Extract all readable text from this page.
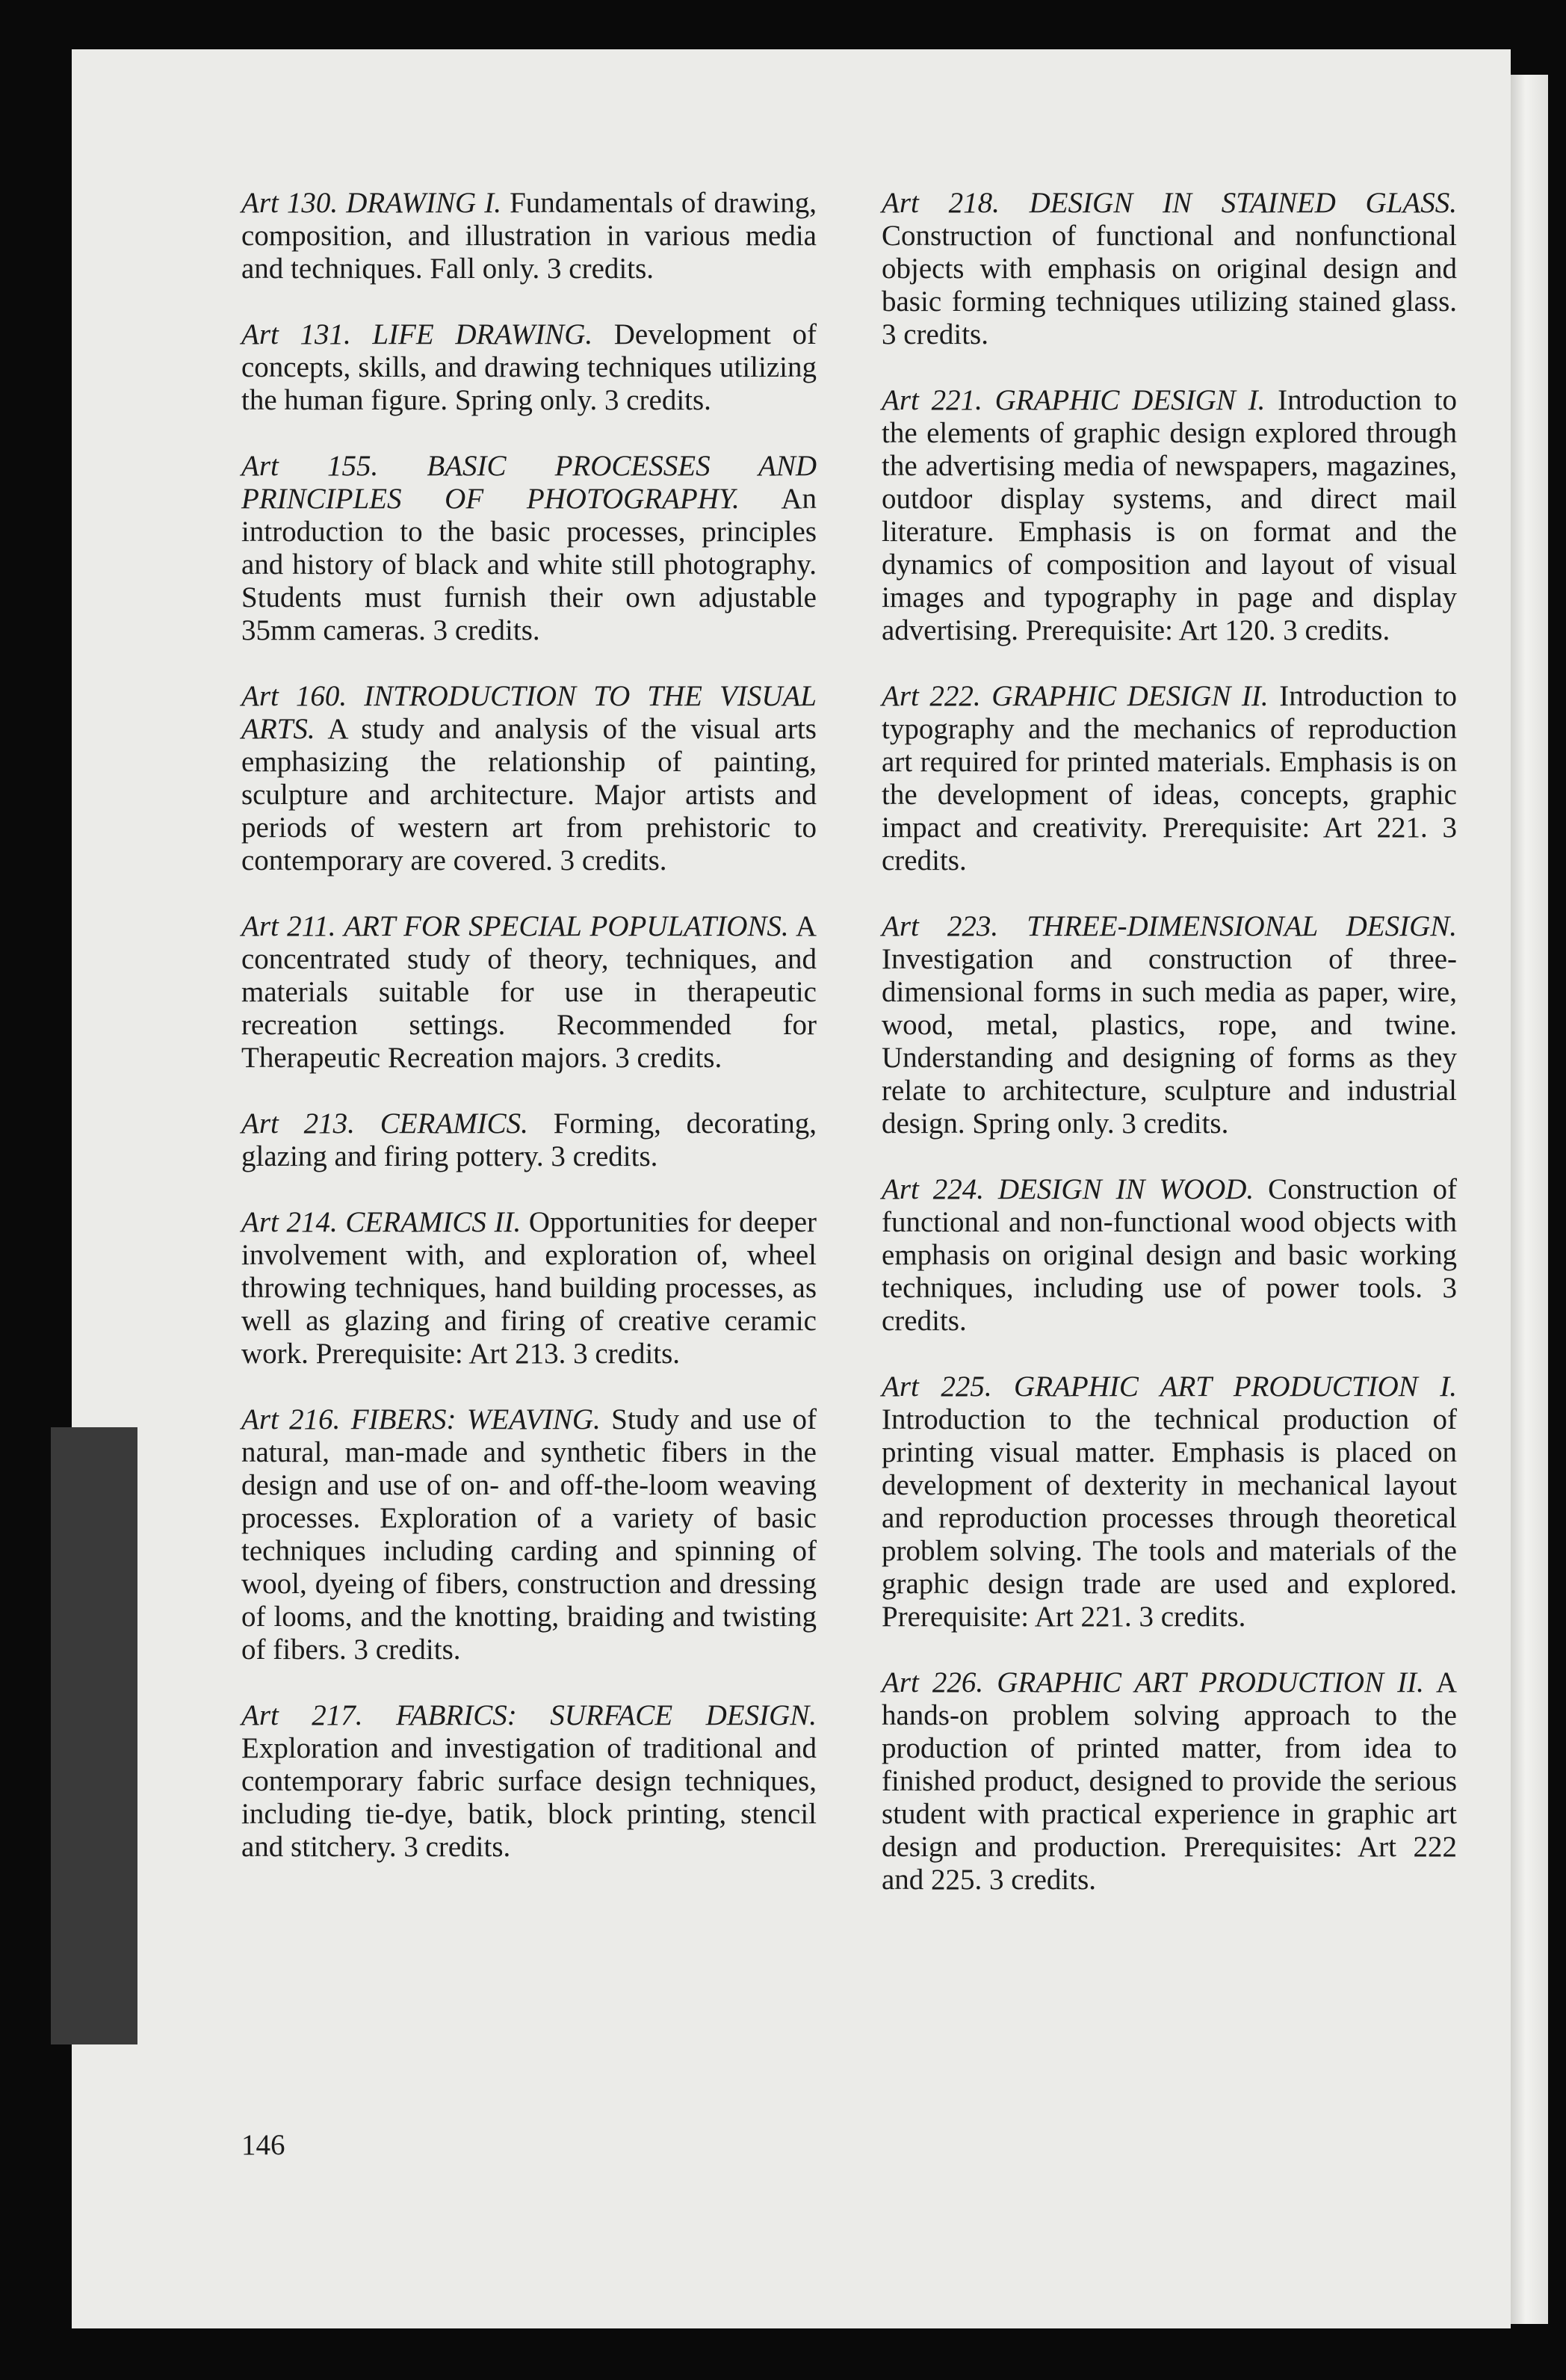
Art 130. DRAWING I. Fundamentals of drawing, composition, and illustration in various media and techniques. Fall only. 3 credits.

Art 131. LIFE DRAWING. Development of concepts, skills, and drawing techniques utilizing the human figure. Spring only. 3 credits.

Art 155. BASIC PROCESSES AND PRINCIPLES OF PHOTOGRAPHY. An introduction to the basic processes, principles and history of black and white still photography. Students must furnish their own adjustable 35mm cameras. 3 credits.

Art 160. INTRODUCTION TO THE VISUAL ARTS. A study and analysis of the visual arts emphasizing the relationship of painting, sculpture and architecture. Major artists and periods of western art from prehistoric to contemporary are covered. 3 credits.

Art 211. ART FOR SPECIAL POPULATIONS. A concentrated study of theory, techniques, and materials suitable for use in therapeutic recreation settings. Recommended for Therapeutic Recreation majors. 3 credits.

Art 213. CERAMICS. Forming, decorating, glazing and firing pottery. 3 credits.

Art 214. CERAMICS II. Opportunities for deeper involvement with, and exploration of, wheel throwing techniques, hand building processes, as well as glazing and firing of creative ceramic work. Prerequisite: Art 213. 3 credits.

Art 216. FIBERS: WEAVING. Study and use of natural, man-made and synthetic fibers in the design and use of on- and off-the-loom weaving processes. Exploration of a variety of basic techniques including carding and spinning of wool, dyeing of fibers, construction and dressing of looms, and the knotting, braiding and twisting of fibers. 3 credits.

Art 217. FABRICS: SURFACE DESIGN. Exploration and investigation of traditional and contemporary fabric surface design techniques, including tie-dye, batik, block printing, stencil and stitchery. 3 credits.

Art 218. DESIGN IN STAINED GLASS. Construction of functional and nonfunctional objects with emphasis on original design and basic forming techniques utilizing stained glass. 3 credits.

Art 221. GRAPHIC DESIGN I. Introduction to the elements of graphic design explored through the advertising media of newspapers, magazines, outdoor display systems, and direct mail literature. Emphasis is on format and the dynamics of composition and layout of visual images and typography in page and display advertising. Prerequisite: Art 120. 3 credits.

Art 222. GRAPHIC DESIGN II. Introduction to typography and the mechanics of reproduction art required for printed materials. Emphasis is on the development of ideas, concepts, graphic impact and creativity. Prerequisite: Art 221. 3 credits.

Art 223. THREE-DIMENSIONAL DESIGN. Investigation and construction of three-dimensional forms in such media as paper, wire, wood, metal, plastics, rope, and twine. Understanding and designing of forms as they relate to architecture, sculpture and industrial design. Spring only. 3 credits.

Art 224. DESIGN IN WOOD. Construction of functional and non-functional wood objects with emphasis on original design and basic working techniques, including use of power tools. 3 credits.

Art 225. GRAPHIC ART PRODUCTION I. Introduction to the technical production of printing visual matter. Emphasis is placed on development of dexterity in mechanical layout and reproduction processes through theoretical problem solving. The tools and materials of the graphic design trade are used and explored. Prerequisite: Art 221. 3 credits.

Art 226. GRAPHIC ART PRODUCTION II. A hands-on problem solving approach to the production of printed matter, from idea to finished product, designed to provide the serious student with practical experience in graphic art design and production. Prerequisites: Art 222 and 225. 3 credits.

146
